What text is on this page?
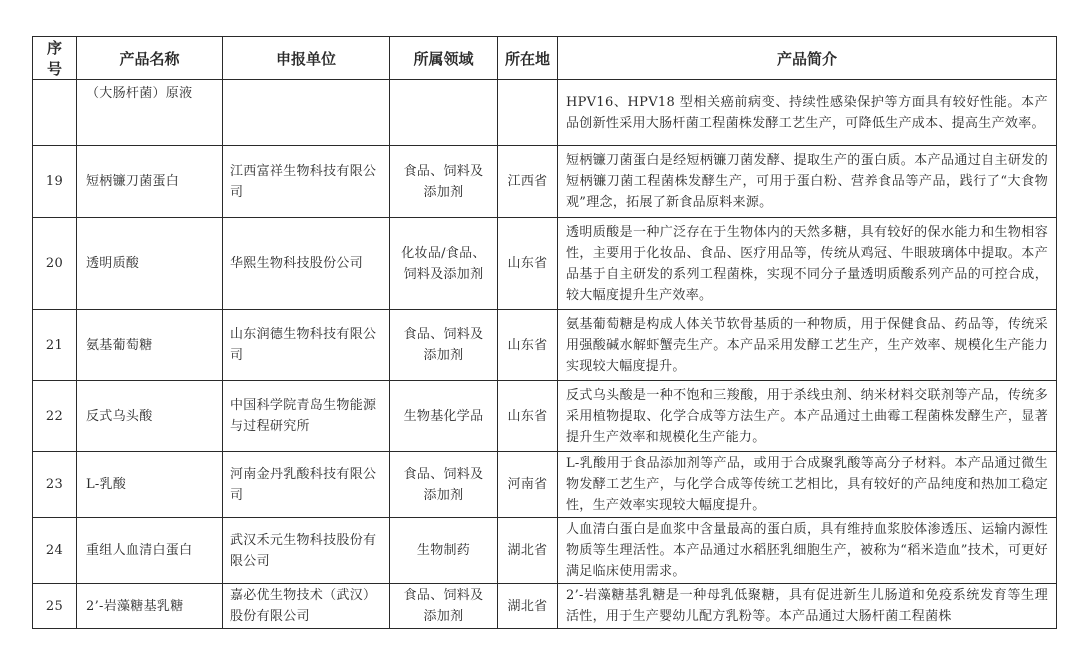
序号	产品名称	申报单位	所属领域	所在地	产品简介
	（大肠杆菌）原液				HPV16、HPV18 型相关癌前病变、持续性感染保护等方面具有较好性能。本产品创新性采用大肠杆菌工程菌株发酵工艺生产，可降低生产成本、提高生产效率。
19	短柄镰刀菌蛋白	江西富祥生物科技有限公司	食品、饲料及添加剂	江西省	短柄镰刀菌蛋白是经短柄镰刀菌发酵、提取生产的蛋白质。本产品通过自主研发的短柄镰刀菌工程菌株发酵生产，可用于蛋白粉、营养食品等产品，践行了“大食物观”理念，拓展了新食品原料来源。
20	透明质酸	华熙生物科技股份公司	化妆品/食品、饲料及添加剂	山东省	透明质酸是一种广泛存在于生物体内的天然多糖，具有较好的保水能力和生物相容性，主要用于化妆品、食品、医疗用品等，传统从鸡冠、牛眼玻璃体中提取。本产品基于自主研发的系列工程菌株，实现不同分子量透明质酸系列产品的可控合成，较大幅度提升生产效率。
21	氨基葡萄糖	山东润德生物科技有限公司	食品、饲料及添加剂	山东省	氨基葡萄糖是构成人体关节软骨基质的一种物质，用于保健食品、药品等，传统采用强酸碱水解虾蟹壳生产。本产品采用发酵工艺生产，生产效率、规模化生产能力实现较大幅度提升。
22	反式乌头酸	中国科学院青岛生物能源与过程研究所	生物基化学品	山东省	反式乌头酸是一种不饱和三羧酸，用于杀线虫剂、纳米材料交联剂等产品，传统多采用植物提取、化学合成等方法生产。本产品通过土曲霉工程菌株发酵生产，显著提升生产效率和规模化生产能力。
23	L-乳酸	河南金丹乳酸科技有限公司	食品、饲料及添加剂	河南省	L-乳酸用于食品添加剂等产品，或用于合成聚乳酸等高分子材料。本产品通过微生物发酵工艺生产，与化学合成等传统工艺相比，具有较好的产品纯度和热加工稳定性，生产效率实现较大幅度提升。
24	重组人血清白蛋白	武汉禾元生物科技股份有限公司	生物制药	湖北省	人血清白蛋白是血浆中含量最高的蛋白质，具有维持血浆胶体渗透压、运输内源性物质等生理活性。本产品通过水稻胚乳细胞生产，被称为“稻米造血”技术，可更好满足临床使用需求。
25	2’-岩藻糖基乳糖	嘉必优生物技术（武汉）股份有限公司	食品、饲料及添加剂	湖北省	2’-岩藻糖基乳糖是一种母乳低聚糖，具有促进新生儿肠道和免疫系统发育等生理活性，用于生产婴幼儿配方乳粉等。本产品通过大肠杆菌工程菌株
